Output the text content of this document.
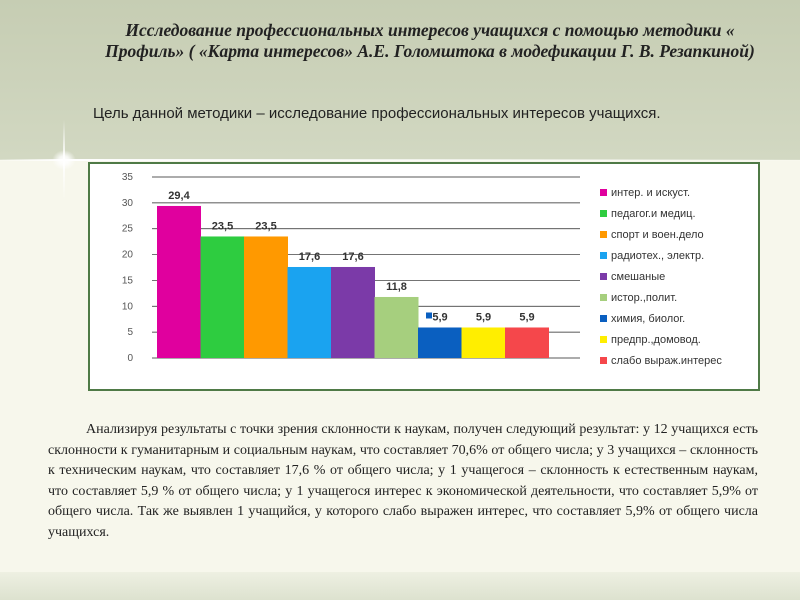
Исследование профессиональных интересов учащихся с помощью методики « Профиль» ( «Карта интересов» А.Е. Голомштока в модефикации Г. В. Резапкиной)
Цель данной методики – исследование профессиональных интересов учащихся.
0
5
10
15
20
25
30
35
29,4
23,5 23,5
17,6 17,6
11,8
5,9	5,9	5,9
интер. и искуст.
педагог.и медиц.
спорт и воен.дело
радиотех., электр.
смешаные
истор.,полит.
химия, биолог.
предпр.,домовод.
слабо выраж.интерес
Анализируя результаты с точки зрения склонности к наукам, получен следующий результат: у 12 учащихся есть склонности к гуманитарным и социальным наукам, что составляет 70,6% от общего числа; у 3 учащихся – склонность к техническим наукам, что составляет 17,6 % от общего числа; у 1 учащегося – склонность к естественным наукам, что составляет 5,9 % от общего числа; у 1 учащегося интерес к экономической деятельности, что составляет 5,9% от общего числа. Так же выявлен 1 учащийся, у которого слабо выражен интерес, что составляет 5,9% от общего числа учащихся.
